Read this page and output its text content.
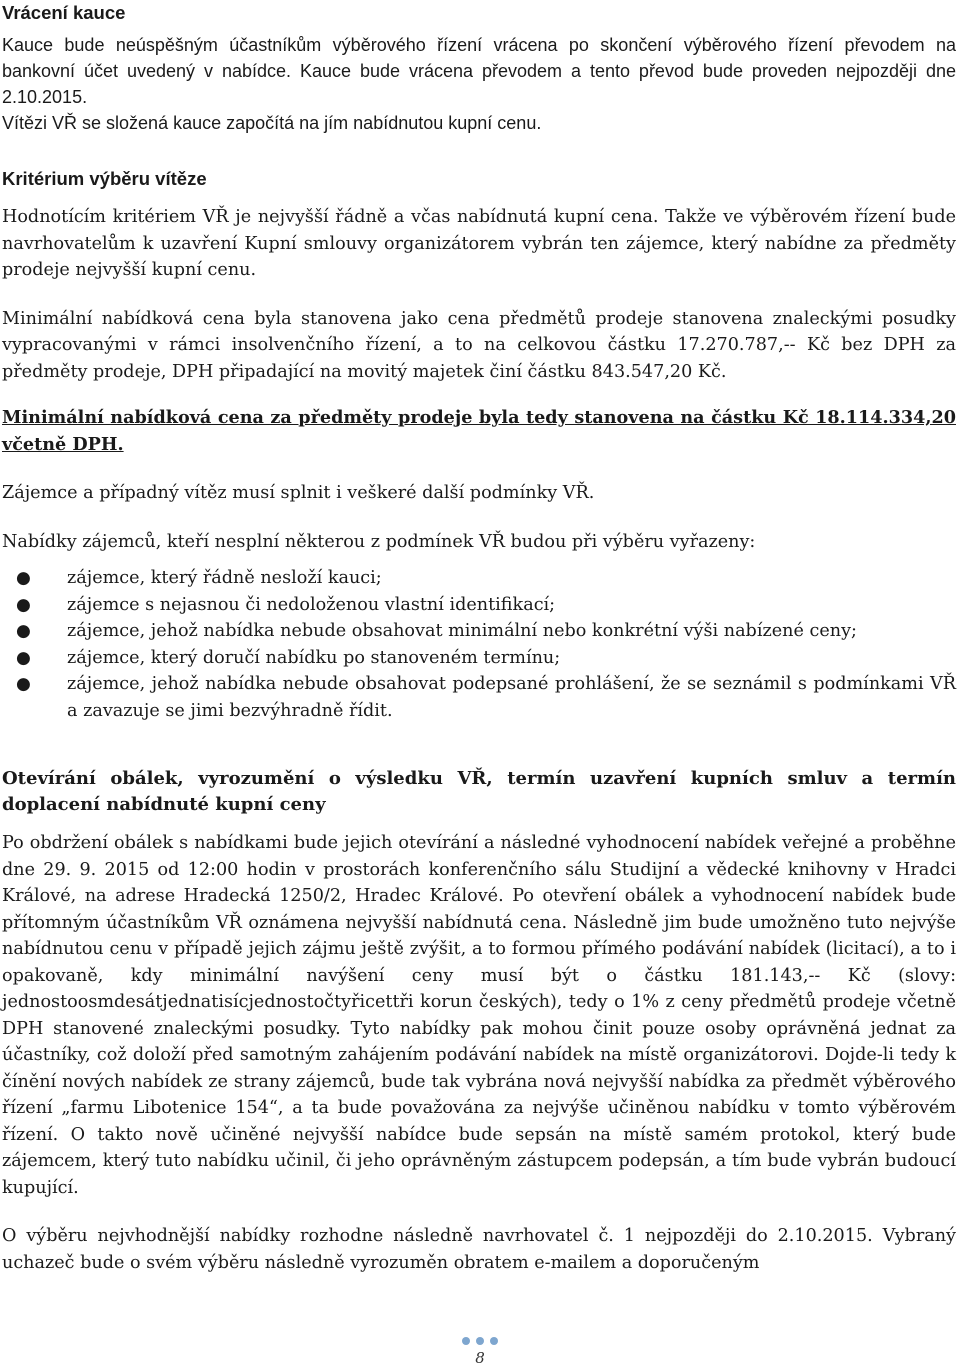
Vrácení kauce

Kauce bude neúspěšným účastníkům výběrového řízení vrácena po skončení výběrového řízení převodem na bankovní účet uvedený v nabídce. Kauce bude vrácena převodem a tento převod bude proveden nejpozději dne 2.10.2015.

Vítězi VŘ se složená kauce započítá na jím nabídnutou kupní cenu.

Kritérium výběru vítěze

Hodnotícím kritériem VŘ je nejvyšší řádně a včas nabídnutá kupní cena. Takže ve výběrovém řízení bude navrhovatelům k uzavření Kupní smlouvy organizátorem vybrán ten zájemce, který nabídne za předměty prodeje nejvyšší kupní cenu.

Minimální nabídková cena byla stanovena jako cena předmětů prodeje stanovena znaleckými posudky vypracovanými v rámci insolvenčního řízení, a to na celkovou částku 17.270.787,-- Kč bez DPH za předměty prodeje, DPH připadající na movitý majetek činí částku 843.547,20 Kč.

Minimální nabídková cena za předměty prodeje byla tedy stanovena na částku Kč 18.114.334,20 včetně DPH.

Zájemce a případný vítěz musí splnit i veškeré další podmínky VŘ.

Nabídky zájemců, kteří nesplní některou z podmínek VŘ budou při výběru vyřazeny:

● zájemce, který řádně nesloží kauci;
● zájemce s nejasnou či nedoloženou vlastní identifikací;
● zájemce, jehož nabídka nebude obsahovat minimální nebo konkrétní výši nabízené ceny;
● zájemce, který doručí nabídku po stanoveném termínu;
● zájemce, jehož nabídka nebude obsahovat podepsané prohlášení, že se seznámil s podmínkami VŘ a zavazuje se jimi bezvýhradně řídit.
Otevírání obálek, vyrozumění o výsledku VŘ, termín uzavření kupních smluv a termín doplacení nabídnuté kupní ceny

Po obdržení obálek s nabídkami bude jejich otevírání a následné vyhodnocení nabídek veřejné a proběhne dne 29. 9. 2015 od 12:00 hodin v prostorách konferenčního sálu Studijní a vědecké knihovny v Hradci Králové, na adrese Hradecká 1250/2, Hradec Králové. Po otevření obálek a vyhodnocení nabídek bude přítomným účastníkům VŘ oznámena nejvyšší nabídnutá cena. Následně jim bude umožněno tuto nejvýše nabídnutou cenu v případě jejich zájmu ještě zvýšit, a to formou přímého podávání nabídek (licitací), a to i opakovaně, kdy minimální navýšení ceny musí být o částku 181.143,-- Kč (slovy: jednostoosmdesátjednatisícjednostočtyřicettři korun českých), tedy o 1% z ceny předmětů prodeje včetně DPH stanovené znaleckými posudky. Tyto nabídky pak mohou činit pouze osoby oprávněná jednat za účastníky, což doloží před samotným zahájením podávání nabídek na místě organizátorovi. Dojde-li tedy k čínění nových nabídek ze strany zájemců, bude tak vybrána nová nejvyšší nabídka za předmět výběrového řízení „farmu Libotenice 154“, a ta bude považována za nejvýše učiněnou nabídku v tomto výběrovém řízení. O takto nově učiněné nejvyšší nabídce bude sepsán na místě samém protokol, který bude zájemcem, který tuto nabídku učinil, či jeho oprávněným zástupcem podepsán, a tím bude vybrán budoucí kupující.

O výběru nejvhodnější nabídky rozhodne následně navrhovatel č. 1 nejpozději do 2.10.2015. Vybraný uchazeč bude o svém výběru následně vyrozuměn obratem e-mailem a doporučeným

8
